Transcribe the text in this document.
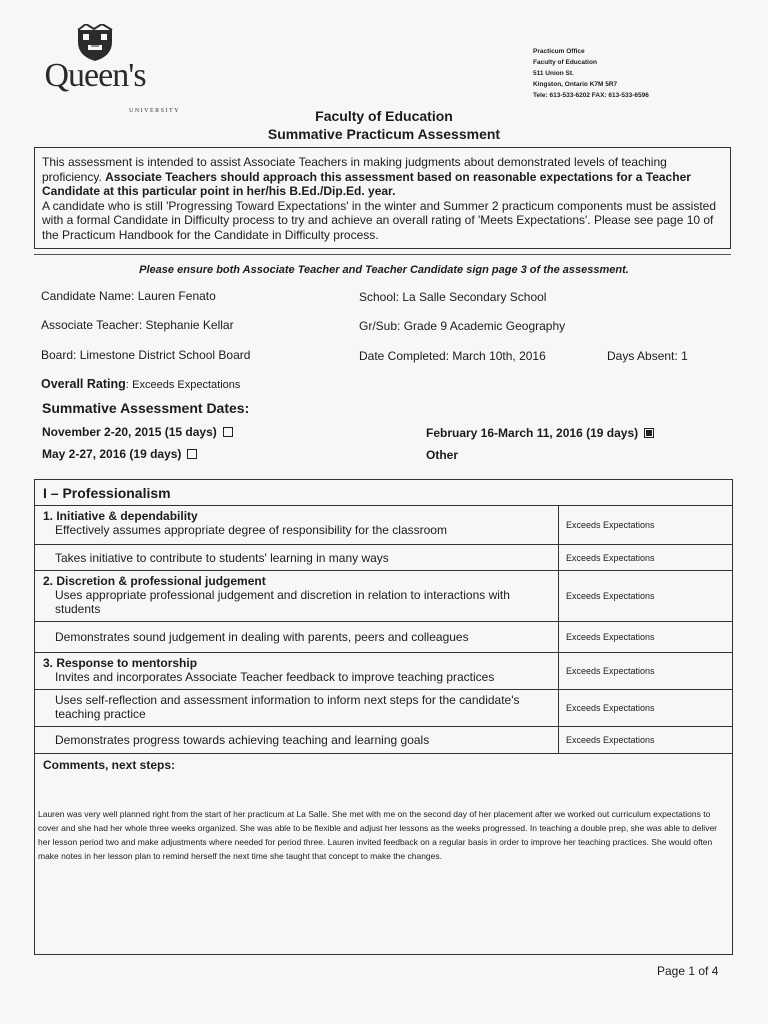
Queen's
UNIVERSITY
Practicum Office
Faculty of Education
511 Union St.
Kingston, Ontario K7M 5R7
Tele: 613-533-6202 FAX: 613-533-6596
Faculty of Education
Summative Practicum Assessment

This assessment is intended to assist Associate Teachers in making judgments about demonstrated levels of teaching proficiency. Associate Teachers should approach this assessment based on reasonable expectations for a Teacher Candidate at this particular point in her/his B.Ed./Dip.Ed. year.

A candidate who is still 'Progressing Toward Expectations' in the winter and Summer 2 practicum components must be assisted with a formal Candidate in Difficulty process to try and achieve an overall rating of 'Meets Expectations'. Please see page 10 of the Practicum Handbook for the Candidate in Difficulty process.

Please ensure both Associate Teacher and Teacher Candidate sign page 3 of the assessment.
Candidate Name: Lauren Fenato	School: La Salle Secondary School
Associate Teacher: Stephanie Kellar	Gr/Sub: Grade 9 Academic Geography
Board: Limestone District School Board	Date Completed: March 10th, 2016	Days Absent: 1
Overall Rating: Exceeds Expectations
Summative Assessment Dates:
November 2-20, 2015 (15 days)
May 2-27, 2016 (19 days)
February 16-March 11, 2016 (19 days)
Other
I – Professionalism
1. Initiative & dependability
Effectively assumes appropriate degree of responsibility for the classroom	Exceeds Expectations
Takes initiative to contribute to students' learning in many ways	Exceeds Expectations
2. Discretion & professional judgement
Uses appropriate professional judgement and discretion in relation to interactions with students
Exceeds Expectations
Demonstrates sound judgement in dealing with parents, peers and colleagues	Exceeds Expectations
3. Response to mentorship
Invites and incorporates Associate Teacher feedback to improve teaching practices	Exceeds Expectations
Uses self-reflection and assessment information to inform next steps for the candidate's teaching practice	Exceeds Expectations
Demonstrates progress towards achieving teaching and learning goals	Exceeds Expectations
Comments, next steps:
Lauren was very well planned right from the start of her practicum at La Salle. She met with me on the second day of her placement after we worked out curriculum expectations to cover and she had her whole three weeks organized. She was able to be flexible and adjust her lessons as the weeks progressed. In teaching a double prep, she was able to deliver her lesson period two and make adjustments where needed for period three. Lauren invited feedback on a regular basis in order to improve her teaching practices. She would often make notes in her lesson plan to remind herself the next time she taught that concept to make the changes.
Page 1 of 4
